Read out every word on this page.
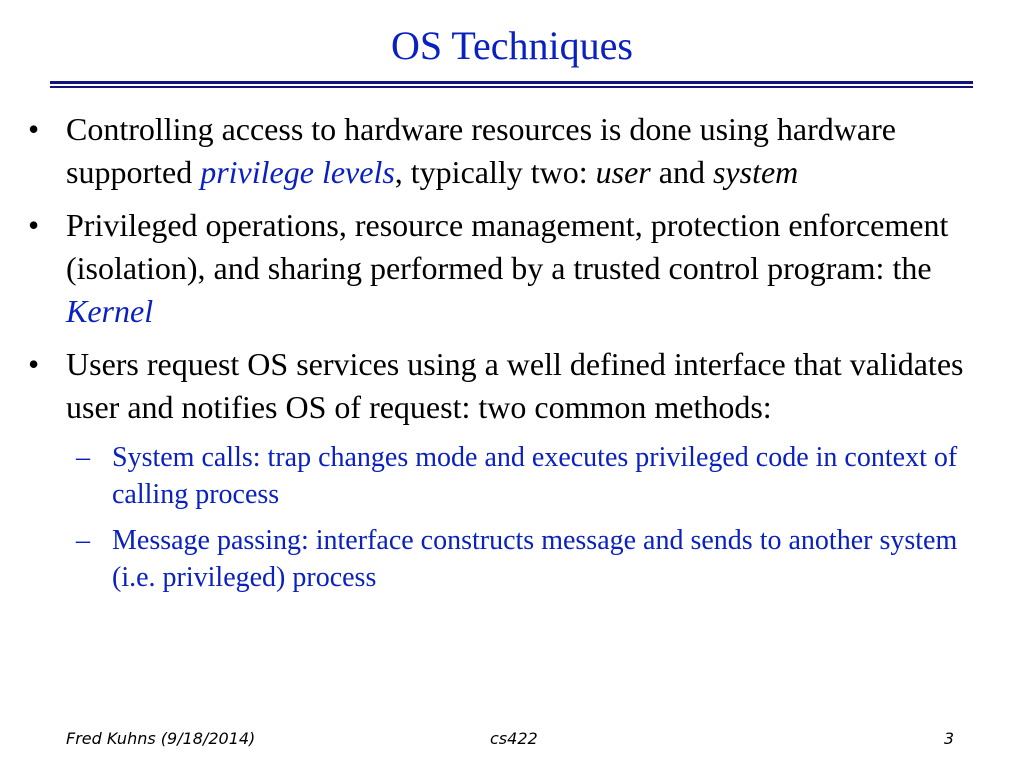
OS Techniques
• Controlling access to hardware resources is done using hardware supported privilege levels, typically two: user and system
• Privileged operations, resource management, protection enforcement (isolation), and sharing performed by a trusted control program: the Kernel
• Users request OS services using a well defined interface that validates user and notifies OS of request: two common methods:
– System calls: trap changes mode and executes privileged code in context of calling process
– Message passing: interface constructs message and sends to another system (i.e. privileged) process
Fred Kuhns (9/18/2014)	cs422	3
